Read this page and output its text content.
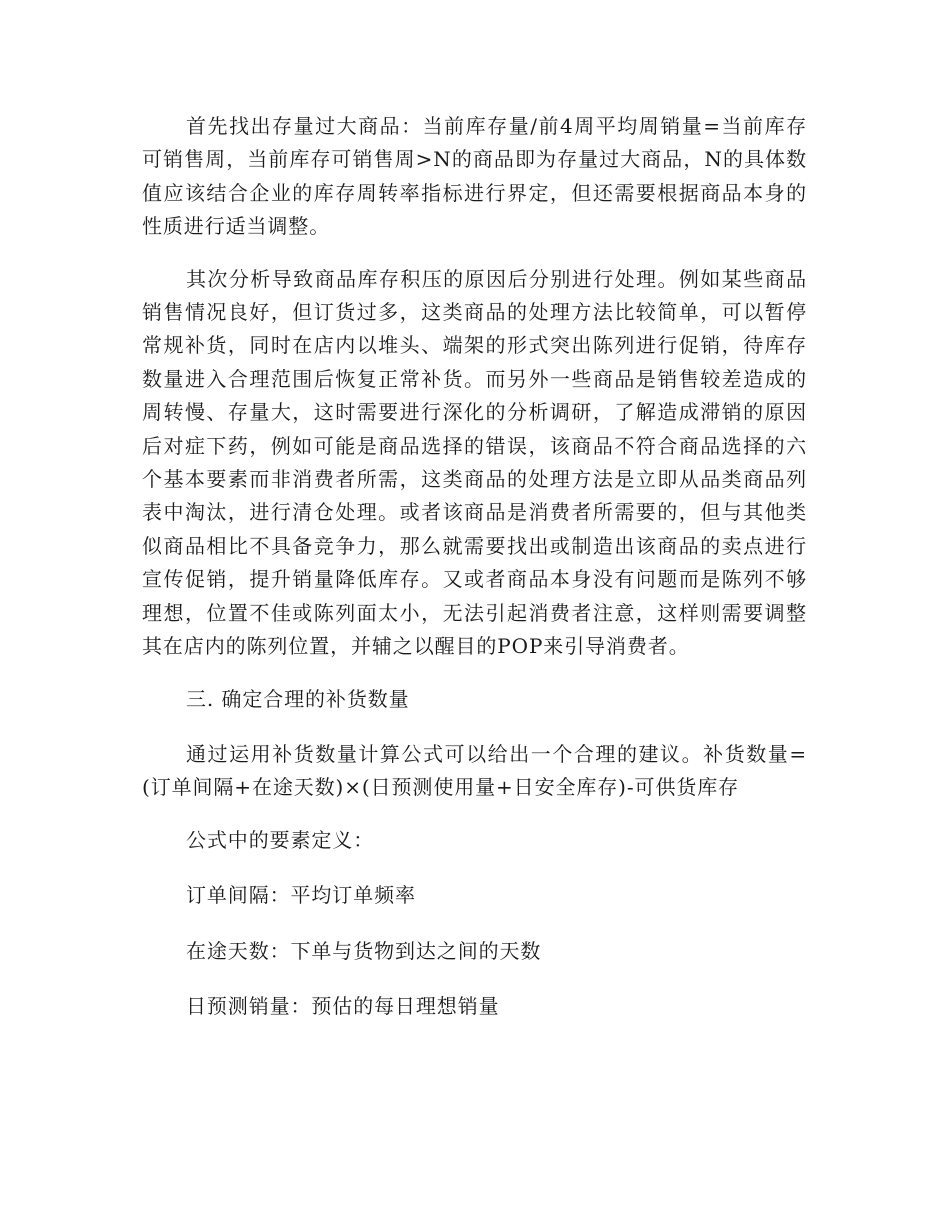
首先找出存量过大商品：当前库存量/前4周平均周销量=当前库存可销售周，当前库存可销售周>N的商品即为存量过大商品，N的具体数值应该结合企业的库存周转率指标进行界定，但还需要根据商品本身的性质进行适当调整。

其次分析导致商品库存积压的原因后分别进行处理。例如某些商品销售情况良好，但订货过多，这类商品的处理方法比较简单，可以暂停常规补货，同时在店内以堆头、端架的形式突出陈列进行促销，待库存数量进入合理范围后恢复正常补货。而另外一些商品是销售较差造成的周转慢、存量大，这时需要进行深化的分析调研，了解造成滞销的原因后对症下药，例如可能是商品选择的错误，该商品不符合商品选择的六个基本要素而非消费者所需，这类商品的处理方法是立即从品类商品列表中淘汰，进行清仓处理。或者该商品是消费者所需要的，但与其他类似商品相比不具备竞争力，那么就需要找出或制造出该商品的卖点进行宣传促销，提升销量降低库存。又或者商品本身没有问题而是陈列不够理想，位置不佳或陈列面太小，无法引起消费者注意，这样则需要调整其在店内的陈列位置，并辅之以醒目的POP来引导消费者。

三. 确定合理的补货数量

通过运用补货数量计算公式可以给出一个合理的建议。补货数量=(订单间隔+在途天数)×(日预测使用量+日安全库存)-可供货库存

公式中的要素定义：

订单间隔：平均订单频率

在途天数：下单与货物到达之间的天数

日预测销量：预估的每日理想销量
